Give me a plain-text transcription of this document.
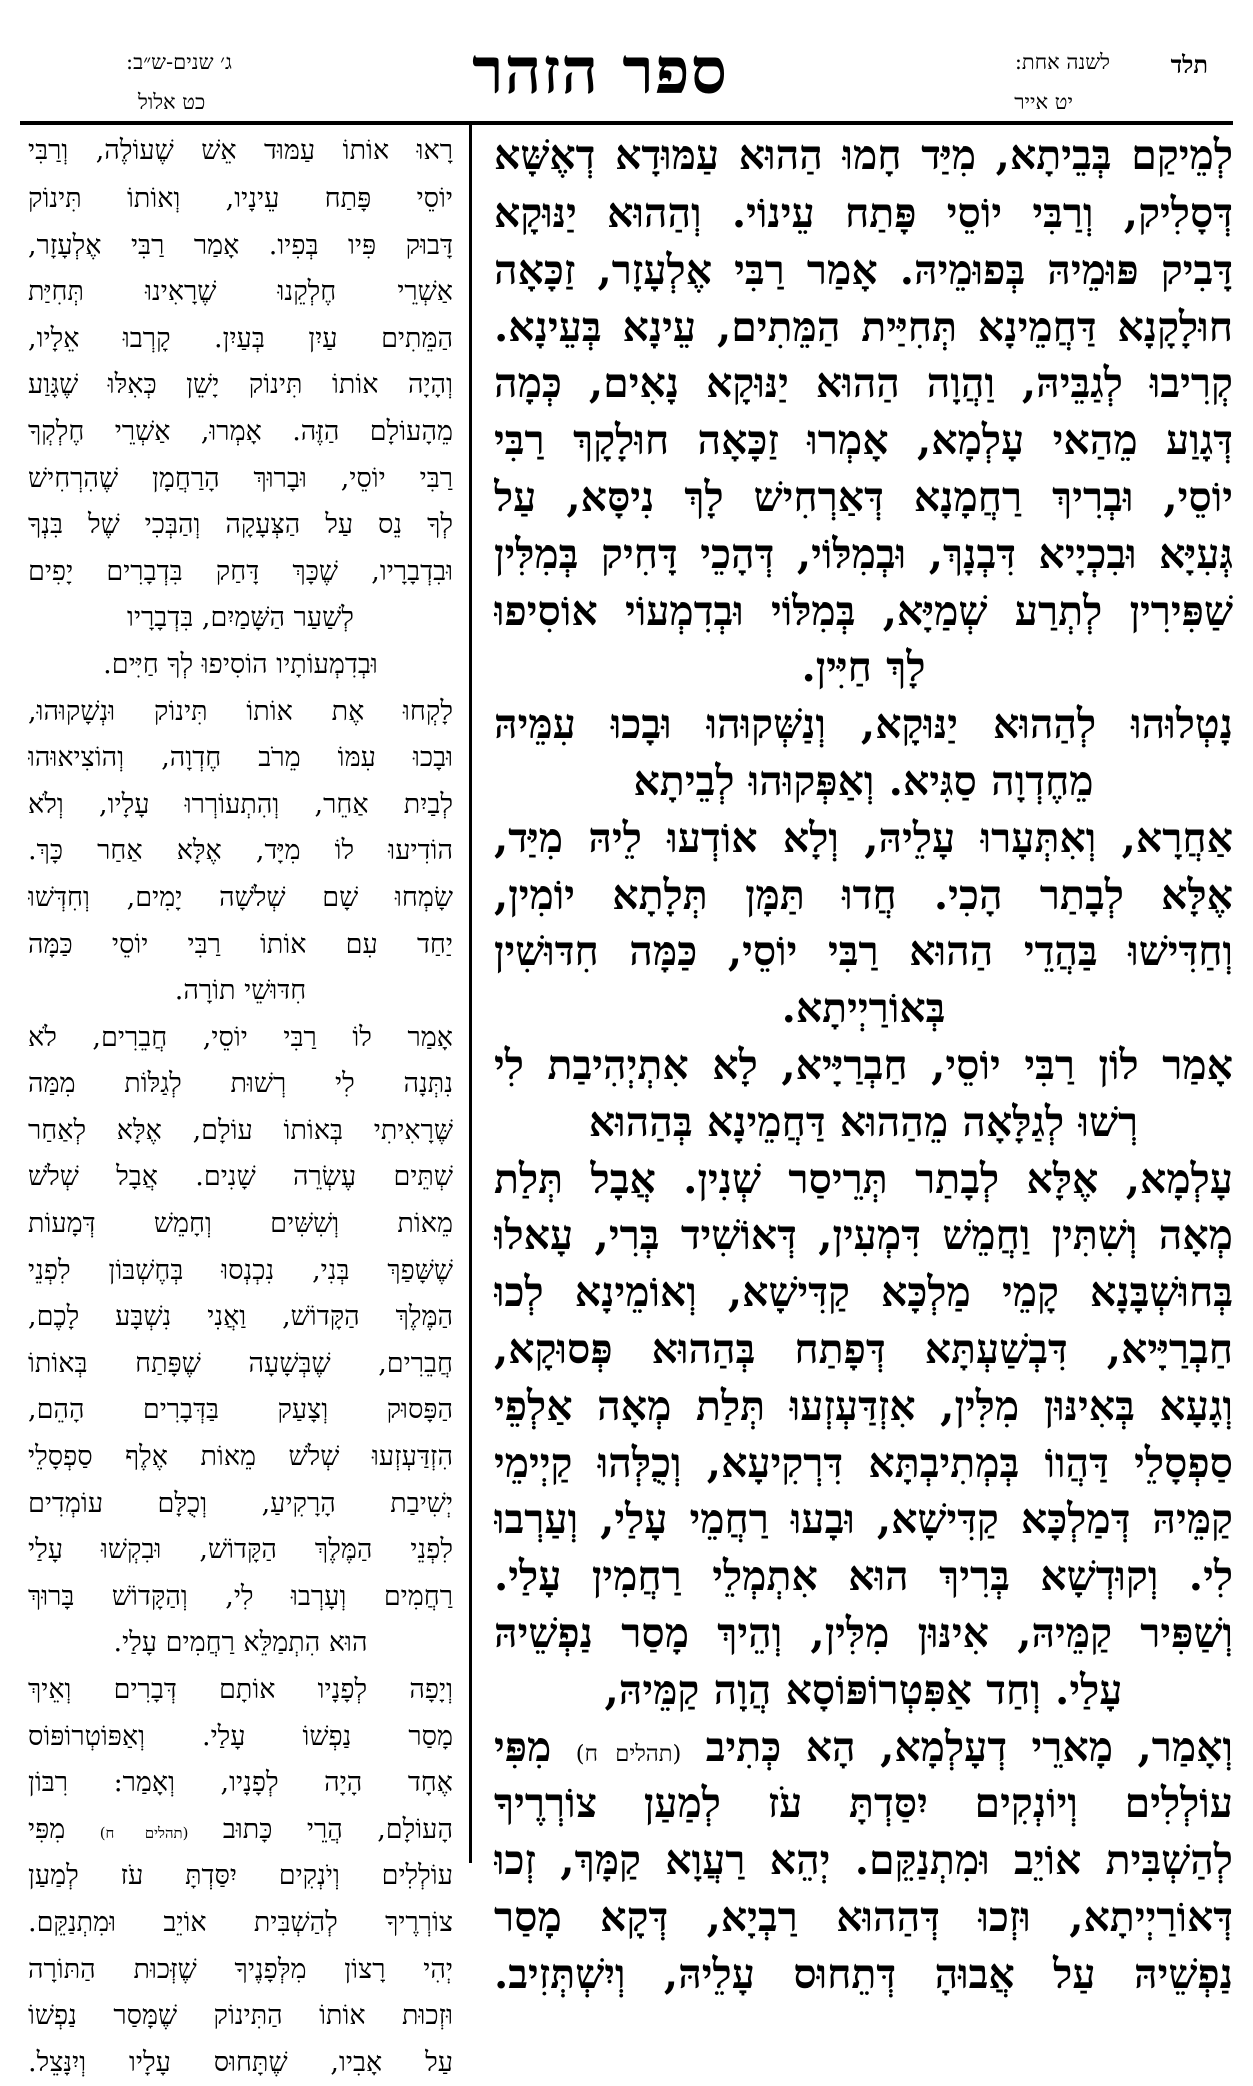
תלד
לשנה אחת:
יט אייר
ספר הזהר
ג׳ שנים-ש״ב:
כט אלול
לְמֵיקַם בְּבֵיתָא, מִיַּד חָמוּ הַהוּא עַמּוּדָא דְאֶשָּׁא
דְּסָלִיק, וְרַבִּי יוֹסֵי פָּתַח עֵינוֹי. וְהַהוּא יַנּוּקָא
דָּבִיק פּוּמֵיהּ בְּפוּמֵיהּ. אָמַר רַבִּי אֶלְעָזָר, זַכָּאָה
חוּלָקָנָא דַּחֲמֵינָא תְּחִיַּית הַמֵּתִים, עֵינָא בְּעֵינָא.
קְרִיבוּ לְגַבֵּיהּ, וַהֲוָה הַהוּא יַנּוּקָא נָאִים, כְּמָה
דְּגָוַע מֵהַאי עָלְמָא, אָמְרוּ זַכָּאָה חוּלָקָךְ רַבִּי
יוֹסֵי, וּבְרִיךְ רַחֲמָנָא דְּאַרְחִישׁ לָךְ נִיסָּא, עַל
גְּעִיָּא וּבִכְיָיא דִּבְנָךְ, וּבְמִלּוֹי, דְּהָכֵי דָּחִיק בְּמִלִּין
שַׁפִּירִין לְתְרַע שְׁמַיָּא, בְּמִלּוֹי וּבְדִמְעוֹי אוֹסִיפוּ
לָךְ חַיִּין.
נָטְלוּהוּ לְהַהוּא יַנּוּקָא, וְנַשְּׁקוּהוּ וּבָכוּ עִמֵּיהּ
מֵחֶדְוָה סַגִּיא. וְאַפְּקוּהוּ לְבֵיתָא
אַחֲרָא, וְאִתְּעָרוּ עָלֵיהּ, וְלָא אוֹדְעוּ לֵיהּ מִיַּד,
אֶלָּא לְבָתַר הָכִי. חֲדוּ תַּמָּן תְּלָתָא יוֹמִין,
וְחַדִּישׁוּ בַּהֲדֵי הַהוּא רַבִּי יוֹסֵי, כַּמָּה חִדּוּשִׁין
בְּאוֹרַיְיתָא.
אָמַר לוֹן רַבִּי יוֹסֵי, חַבְרַיָּיא, לָא אִתְיְהִיבַת לִי
רְשׁוּ לְגַלָּאָה מֵהַהוּא דַּחֲמֵינָא בְּהַהוּא
עָלְמָא, אֶלָּא לְבָתַר תְּרֵיסַר שְׁנִין. אֲבָל תְּלַת
מְאָה וְשִׁתִּין וַחֲמֵשׁ דִּמְעִין, דְּאוֹשִׁיד בְּרִי, עָאלוּ
בְּחוּשְׁבָּנָא קָמֵי מַלְכָּא קַדִּישָׁא, וְאוֹמֵינָא לְכוּ
חַבְרַיָּיא, דִּבְשַׁעְתָּא דְּפָתַח בְּהַהוּא פְּסוּקָא,
וְגָעָא בְּאִינּוּן מִלִּין, אִזְדַּעְזְעוּ תְּלַת מְאָה אַלְפֵי
סַפְסָלֵי דַּהֲווֹ בְּמְתִיבְתָּא דִּרְקִיעָא, וְכֻלְּהוּ קַיְימֵי
קַמֵּיהּ דְּמַלְכָּא קַדִּישָׁא, וּבָעוּ רַחֲמֵי עָלַי, וְעַרְבוּ
לִי. וְקוּדְשָׁא בְּרִיךְ הוּא אִתְמְלֵי רַחֲמִין עָלַי.
וְשַׁפִּיר קַמֵּיהּ, אִינּוּן מִלִּין, וְהֵיךְ מָסַר נַפְשֵׁיהּ
עָלַי. וְחַד אַפִּטְרוֹפּוֹסָא הֲוָה קַמֵּיהּ,
וְאָמַר, מָארֵי דְעָלְמָא, הָא כְּתִיב (תהלים ח) מִפִּי
עוֹלְלִים וְיוֹנְקִים יִסַּדְתָּ עֹז לְמַעַן צוֹרְרֶיךָ
לְהַשְׁבִּית אוֹיֵב וּמִתְנַקֵּם. יְהֵא רַעֲוָא קַמָּךְ, זְכוּ
דְּאוֹרַיְיתָא, וּזְכוּ דְּהַהוּא רַבְיָא, דְּקָא מָסַר
נַפְשֵׁיהּ עַל אֲבוּהָ דְּתֵחוּס עָלֵיהּ, וְיִשְׁתְּזִיב.
רָאוּ אוֹתוֹ עַמּוּד אֵשׁ שֶׁעוֹלֶה, וְרַבִּי
יוֹסֵי פָּתַח עֵינָיו, וְאוֹתוֹ תִּינוֹק
דָּבוּק פִּיו בְּפִיו. אָמַר רַבִּי אֶלְעָזָר,
אַשְׁרֵי חֶלְקֵנוּ שֶׁרָאִינוּ תְּחִיַּת
הַמֵּתִים עַיִן בְּעַיִן. קָרְבוּ אֵלָיו,
וְהָיָה אוֹתוֹ תִּינוֹק יָשֵׁן כְּאִלּוּ שֶׁגָּוַע
מֵהָעוֹלָם הַזֶּה. אָמְרוּ, אַשְׁרֵי חֶלְקְךָ
רַבִּי יוֹסֵי, וּבָרוּךְ הָרַחֲמָן שֶׁהִרְחִישׁ
לְךָ נֵס עַל הַצְּעָקָה וְהַבְּכִי שֶׁל בִּנְךָ
וּבִדְבָרָיו, שֶׁכָּךְ דָּחַק בִּדְבָרִים יָפִים
לְשַׁעַר הַשָּׁמַיִם, בִּדְבָרָיו
וּבְדִמְעוֹתָיו הוֹסִיפוּ לְךָ חַיִּים.
לָקְחוּ אֶת אוֹתוֹ תִּינוֹק וּנְשָׁקוּהוּ,
וּבָכוּ עִמּוֹ מֵרֹב חֶדְוָה, וְהוֹצִיאוּהוּ
לְבַיִת אַחֵר, וְהִתְעוֹרְרוּ עָלָיו, וְלֹא
הוֹדִיעוּ לוֹ מִיָּד, אֶלָּא אַחַר כָּךְ.
שָׂמְחוּ שָׁם שְׁלֹשָׁה יָמִים, וְחִדְּשׁוּ
יַחַד עִם אוֹתוֹ רַבִּי יוֹסֵי כַּמָּה
חִדּוּשֵׁי תוֹרָה.
אָמַר לוֹ רַבִּי יוֹסֵי, חֲבֵרִים, לֹא
נִתְּנָה לִי רְשׁוּת לְגַלּוֹת מִמַּה
שֶּׁרָאִיתִי בְּאוֹתוֹ עוֹלָם, אֶלָּא לְאַחַר
שְׁתֵּים עֶשְׂרֵה שָׁנִים. אֲבָל שְׁלֹשׁ
מֵאוֹת וְשִׁשִּׁים וְחָמֵשׁ דְּמָעוֹת
שֶׁשָּׁפַךְ בְּנִי, נִכְנְסוּ בְּחֶשְׁבּוֹן לִפְנֵי
הַמֶּלֶךְ הַקָּדוֹשׁ, וַאֲנִי נִשְׁבָּע לָכֶם,
חֲבֵרִים, שֶׁבְּשָׁעָה שֶׁפָּתַח בְּאוֹתוֹ
הַפָּסוּק וְצָעַק בַּדְּבָרִים הָהֵם,
הִזְדַּעְזְעוּ שְׁלֹשׁ מֵאוֹת אֶלֶף סַפְסָלֵי
יְשִׁיבַת הָרָקִיעַ, וְכֻלָּם עוֹמְדִים
לִפְנֵי הַמֶּלֶךְ הַקָּדוֹשׁ, וּבִקְשׁוּ עָלַי
רַחֲמִים וְעָרְבוּ לִי, וְהַקָּדוֹשׁ בָּרוּךְ
הוּא הִתְמַלֵּא רַחֲמִים עָלַי.
וְיָפָה לְפָנָיו אוֹתָם דְּבָרִים וְאֵיךְ
מָסַר נַפְשׁוֹ עָלַי. וְאַפּוֹטְרוֹפּוֹס
אֶחָד הָיָה לְפָנָיו, וְאָמַר: רִבּוֹן
הָעוֹלָם, הֲרֵי כָּתוּב (תהלים ח) מִפִּי
עוֹלְלִים וְיֹנְקִים יִסַּדְתָּ עֹז לְמַעַן
צוֹרְרֶיךָ לְהַשְׁבִּית אוֹיֵב וּמִתְנַקֵּם.
יְהִי רָצוֹן מִלְּפָנֶיךָ שֶׁזְּכוּת הַתּוֹרָה
וּזְכוּת אוֹתוֹ הַתִּינוֹק שֶׁמָּסַר נַפְשׁוֹ
עַל אָבִיו, שֶׁתָּחוּס עָלָיו וְיִנָּצֵל.
